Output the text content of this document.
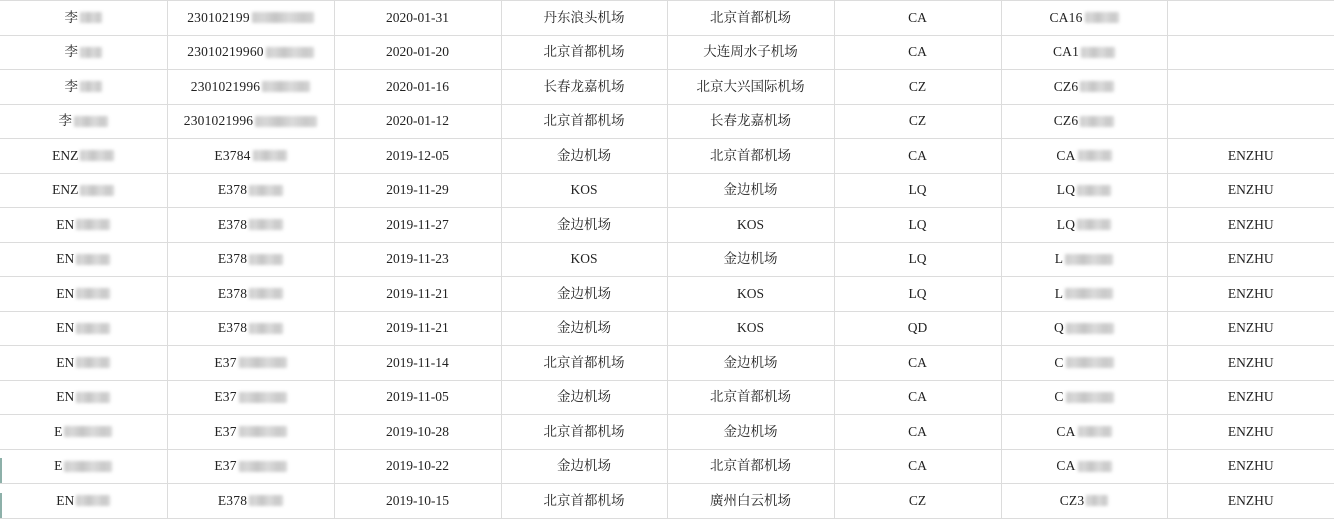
李	230102199	2020-01-31	丹东浪头机场	北京首都机场	CA	CA16	

李	23010219960	2020-01-20	北京首都机场	大连周水子机场	CA	CA1	

李	2301021996	2020-01-16	长春龙嘉机场	北京大兴国际机场	CZ	CZ6	

李	2301021996	2020-01-12	北京首都机场	长春龙嘉机场	CZ	CZ6	

ENZ	E3784	2019-12-05	金边机场	北京首都机场	CA	CA	ENZHU

ENZ	E378	2019-11-29	KOS	金边机场	LQ	LQ	ENZHU

EN	E378	2019-11-27	金边机场	KOS	LQ	LQ	ENZHU

EN	E378	2019-11-23	KOS	金边机场	LQ	L	ENZHU

EN	E378	2019-11-21	金边机场	KOS	LQ	L	ENZHU

EN	E378	2019-11-21	金边机场	KOS	QD	Q	ENZHU

EN	E37	2019-11-14	北京首都机场	金边机场	CA	C	ENZHU

EN	E37	2019-11-05	金边机场	北京首都机场	CA	C	ENZHU

E	E37	2019-10-28	北京首都机场	金边机场	CA	CA	ENZHU

E	E37	2019-10-22	金边机场	北京首都机场	CA	CA	ENZHU

EN	E378	2019-10-15	北京首都机场	廣州白云机场	CZ	CZ3	ENZHU
